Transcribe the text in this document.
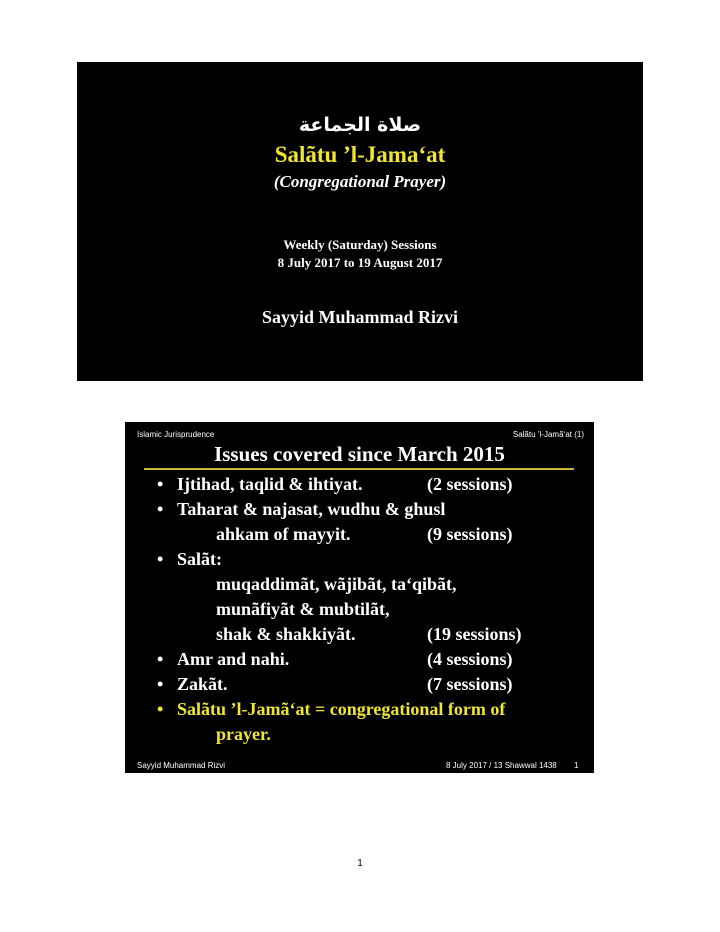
صلاة الجماعة
Salãtu ’l-Jama‘at
(Congregational Prayer)
Weekly (Saturday) Sessions
8 July 2017 to 19 August 2017
Sayyid Muhammad Rizvi
Islamic Jurisprudence	Salãtu ’l-Jamã‘at (1)
Issues covered since March 2015
• Ijtihad, taqlid & ihtiyat.	(2 sessions)
• Taharat & najasat, wudhu & ghusl
ahkam of mayyit.	(9 sessions)
• Salãt:
muqaddimãt, wãjibãt, ta‘qibãt,
munãfiyãt & mubtilãt,
shak & shakkiyãt.	(19 sessions)
• Amr and nahi.	(4 sessions)
• Zakãt.	(7 sessions)
• Salãtu ’l-Jamã‘at = congregational form of
prayer.
Sayyid Muhammad Rizvi	8 July 2017 / 13 Shawwal 1438 1
1
